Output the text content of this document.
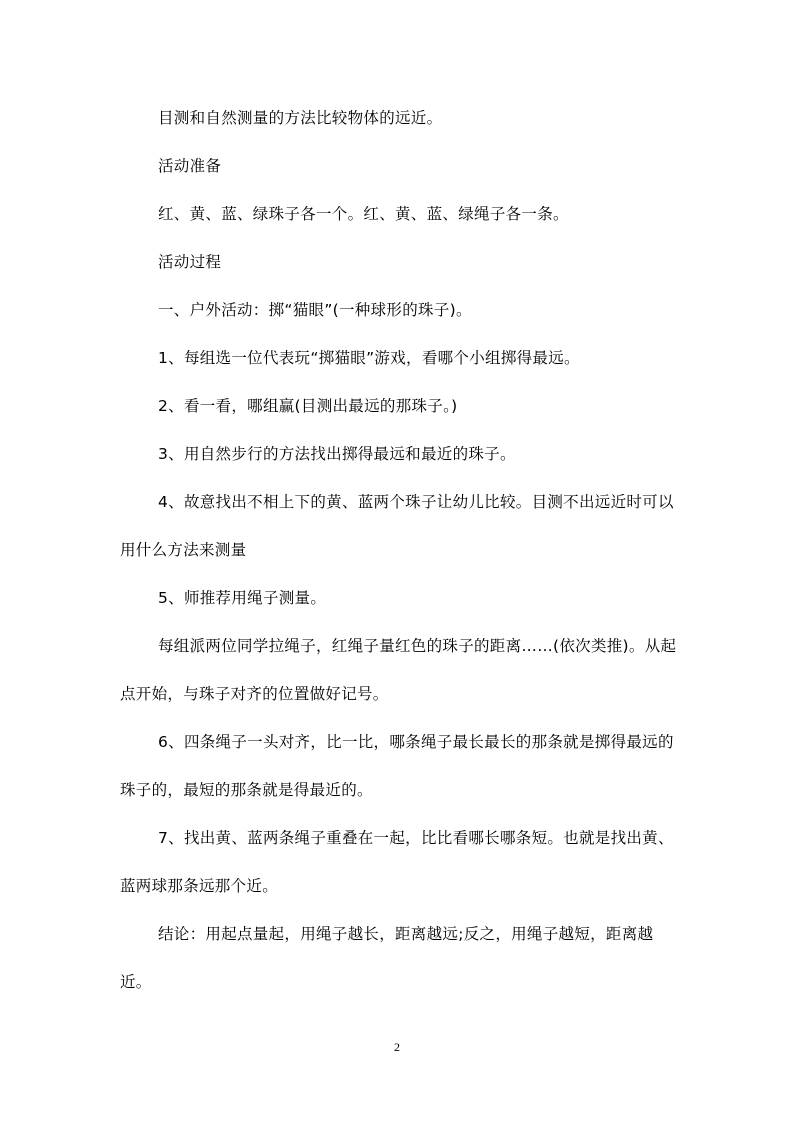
目测和自然测量的方法比较物体的远近。

活动准备

红、黄、蓝、绿珠子各一个。红、黄、蓝、绿绳子各一条。

活动过程

一、户外活动：掷“猫眼”(一种球形的珠子)。

1、每组选一位代表玩“掷猫眼”游戏，看哪个小组掷得最远。

2、看一看，哪组赢(目测出最远的那珠子。)

3、用自然步行的方法找出掷得最远和最近的珠子。

4、故意找出不相上下的黄、蓝两个珠子让幼儿比较。目测不出远近时可以用什么方法来测量

5、师推荐用绳子测量。

每组派两位同学拉绳子，红绳子量红色的珠子的距离……(依次类推)。从起点开始，与珠子对齐的位置做好记号。

6、四条绳子一头对齐，比一比，哪条绳子最长最长的那条就是掷得最远的珠子的，最短的那条就是得最近的。

7、找出黄、蓝两条绳子重叠在一起，比比看哪长哪条短。也就是找出黄、蓝两球那条远那个近。

结论：用起点量起，用绳子越长，距离越远;反之，用绳子越短，距离越近。

2
